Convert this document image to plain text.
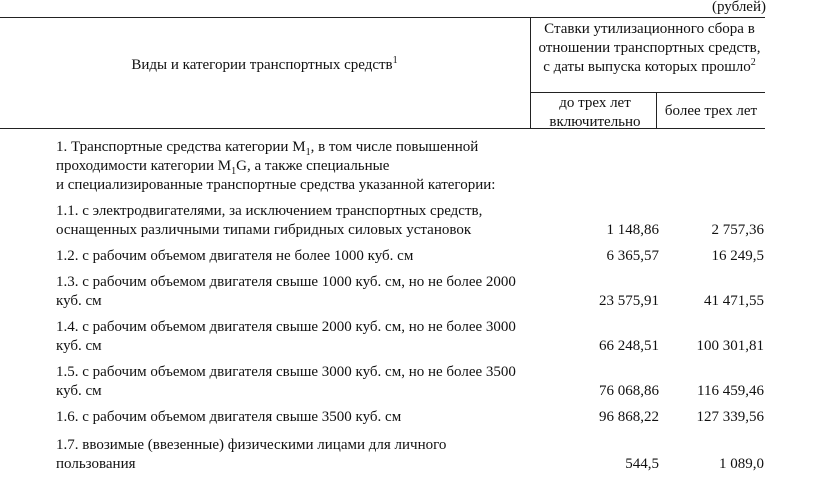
(рублей)
Виды и категории транспортных средств$^1$
Ставки утилизационного сбора в отношении транспортных средств, с даты выпуска которых прошло$^2$
до трех лет включительно
более трех лет
1. Транспортные средства категории $M_1$, в том числе повышенной
проходимости категории $M_1G$, а также специальные
и специализированные транспортные средства указанной категории:
1.1. с электродвигателями, за исключением транспортных средств, оснащенных различными типами гибридных силовых установок	1 148,86	2 757,36
1.2. с рабочим объемом двигателя не более 1000 куб. см	6 365,57	16 249,5
1.3. с рабочим объемом двигателя свыше 1000 куб. см, но не более 2000 куб. см	23 575,91	41 471,55
1.4. с рабочим объемом двигателя свыше 2000 куб. см, но не более 3000 куб. см	66 248,51	100 301,81
1.5. с рабочим объемом двигателя свыше 3000 куб. см, но не более 3500 куб. см	76 068,86	116 459,46
1.6. с рабочим объемом двигателя свыше 3500 куб. см	96 868,22	127 339,56
1.7. ввозимые (ввезенные) физическими лицами для личного пользования	544,5	1 089,0
